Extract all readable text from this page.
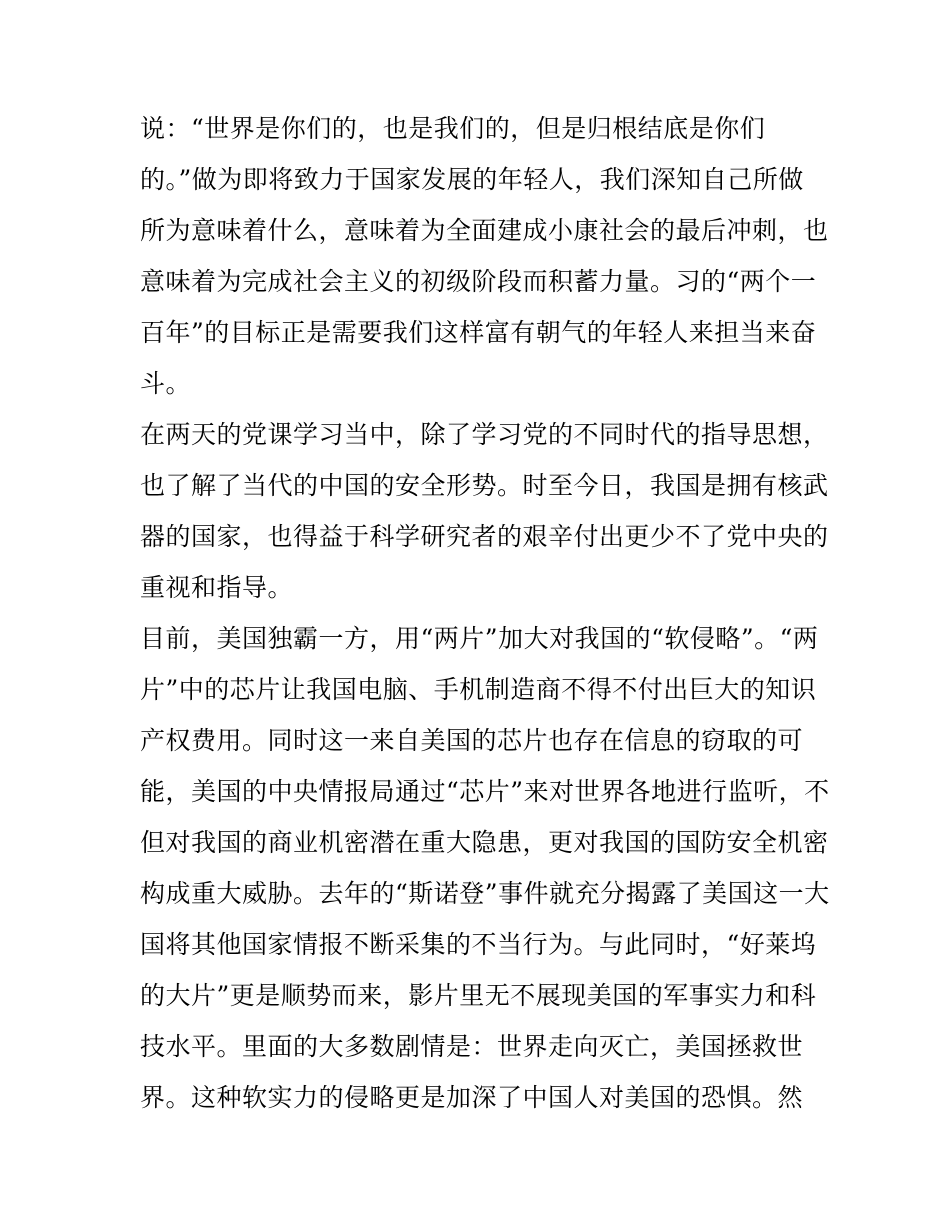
说：“世界是你们的，也是我们的，但是归根结底是你们

的。”做为即将致力于国家发展的年轻人，我们深知自己所做

所为意味着什么，意味着为全面建成小康社会的最后冲刺，也

意味着为完成社会主义的初级阶段而积蓄力量。习的“两个一

百年”的目标正是需要我们这样富有朝气的年轻人来担当来奋

斗。

在两天的党课学习当中，除了学习党的不同时代的指导思想，

也了解了当代的中国的安全形势。时至今日，我国是拥有核武

器的国家，也得益于科学研究者的艰辛付出更少不了党中央的

重视和指导。

目前，美国独霸一方，用“两片”加大对我国的“软侵略”。“两

片”中的芯片让我国电脑、手机制造商不得不付出巨大的知识

产权费用。同时这一来自美国的芯片也存在信息的窃取的可

能，美国的中央情报局通过“芯片”来对世界各地进行监听，不

但对我国的商业机密潜在重大隐患，更对我国的国防安全机密

构成重大威胁。去年的“斯诺登”事件就充分揭露了美国这一大

国将其他国家情报不断采集的不当行为。与此同时，“好莱坞

的大片”更是顺势而来，影片里无不展现美国的军事实力和科

技水平。里面的大多数剧情是：世界走向灭亡，美国拯救世

界。这种软实力的侵略更是加深了中国人对美国的恐惧。然
